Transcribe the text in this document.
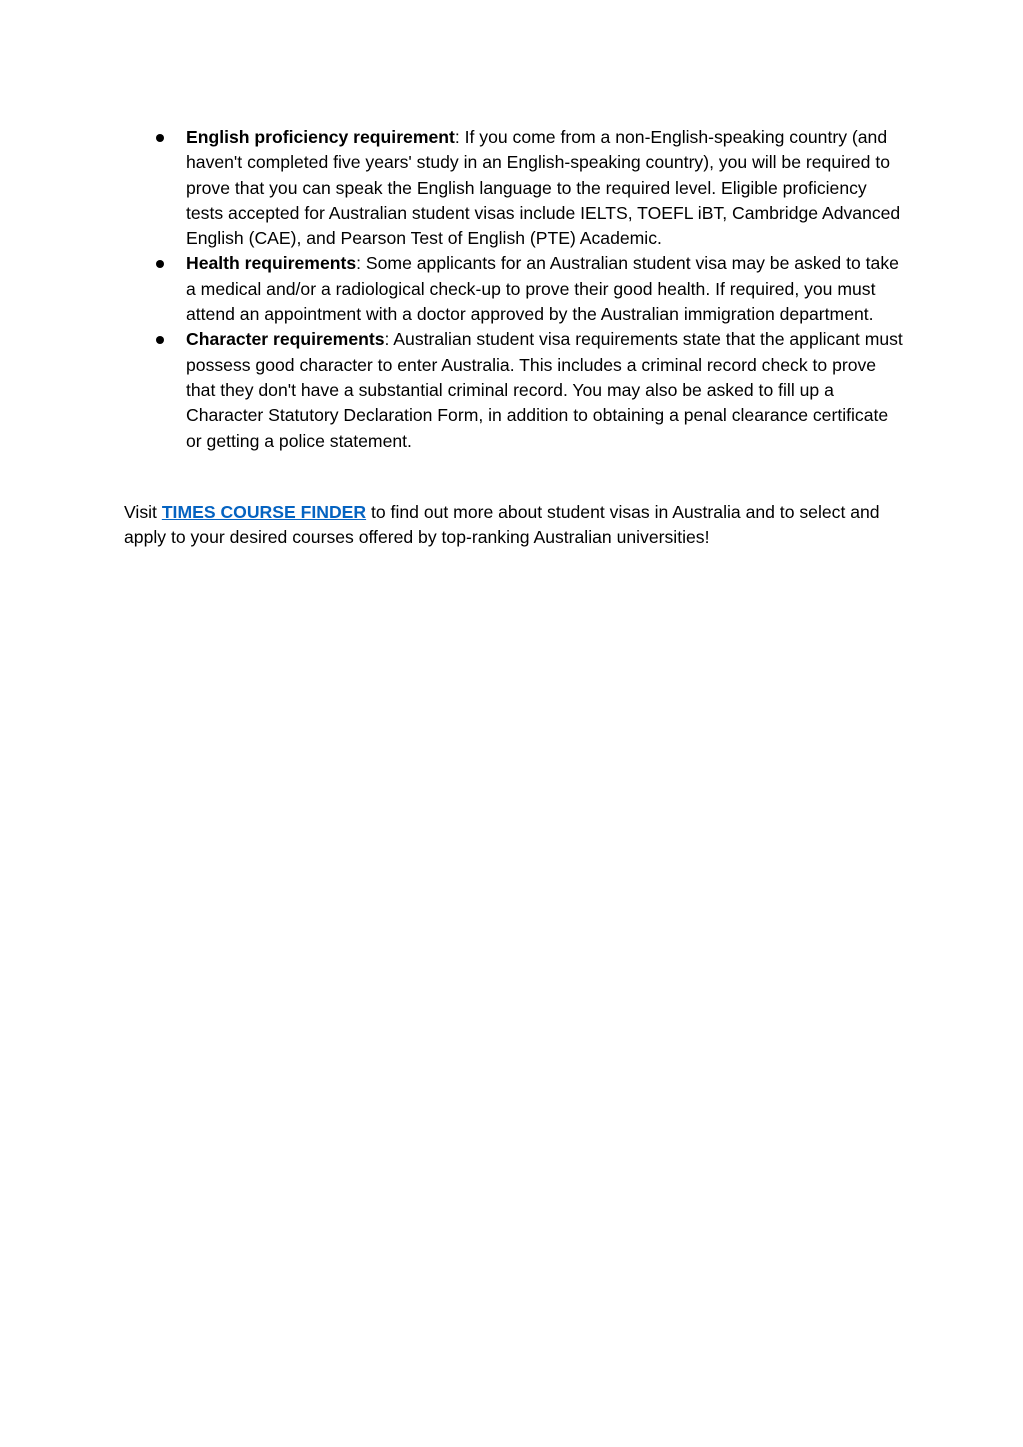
English proficiency requirement: If you come from a non-English-speaking country (and haven't completed five years' study in an English-speaking country), you will be required to prove that you can speak the English language to the required level. Eligible proficiency tests accepted for Australian student visas include IELTS, TOEFL iBT, Cambridge Advanced English (CAE), and Pearson Test of English (PTE) Academic.
Health requirements: Some applicants for an Australian student visa may be asked to take a medical and/or a radiological check-up to prove their good health. If required, you must attend an appointment with a doctor approved by the Australian immigration department.
Character requirements: Australian student visa requirements state that the applicant must possess good character to enter Australia. This includes a criminal record check to prove that they don't have a substantial criminal record. You may also be asked to fill up a Character Statutory Declaration Form, in addition to obtaining a penal clearance certificate or getting a police statement.

Visit TIMES COURSE FINDER to find out more about student visas in Australia and to select and apply to your desired courses offered by top-ranking Australian universities!
